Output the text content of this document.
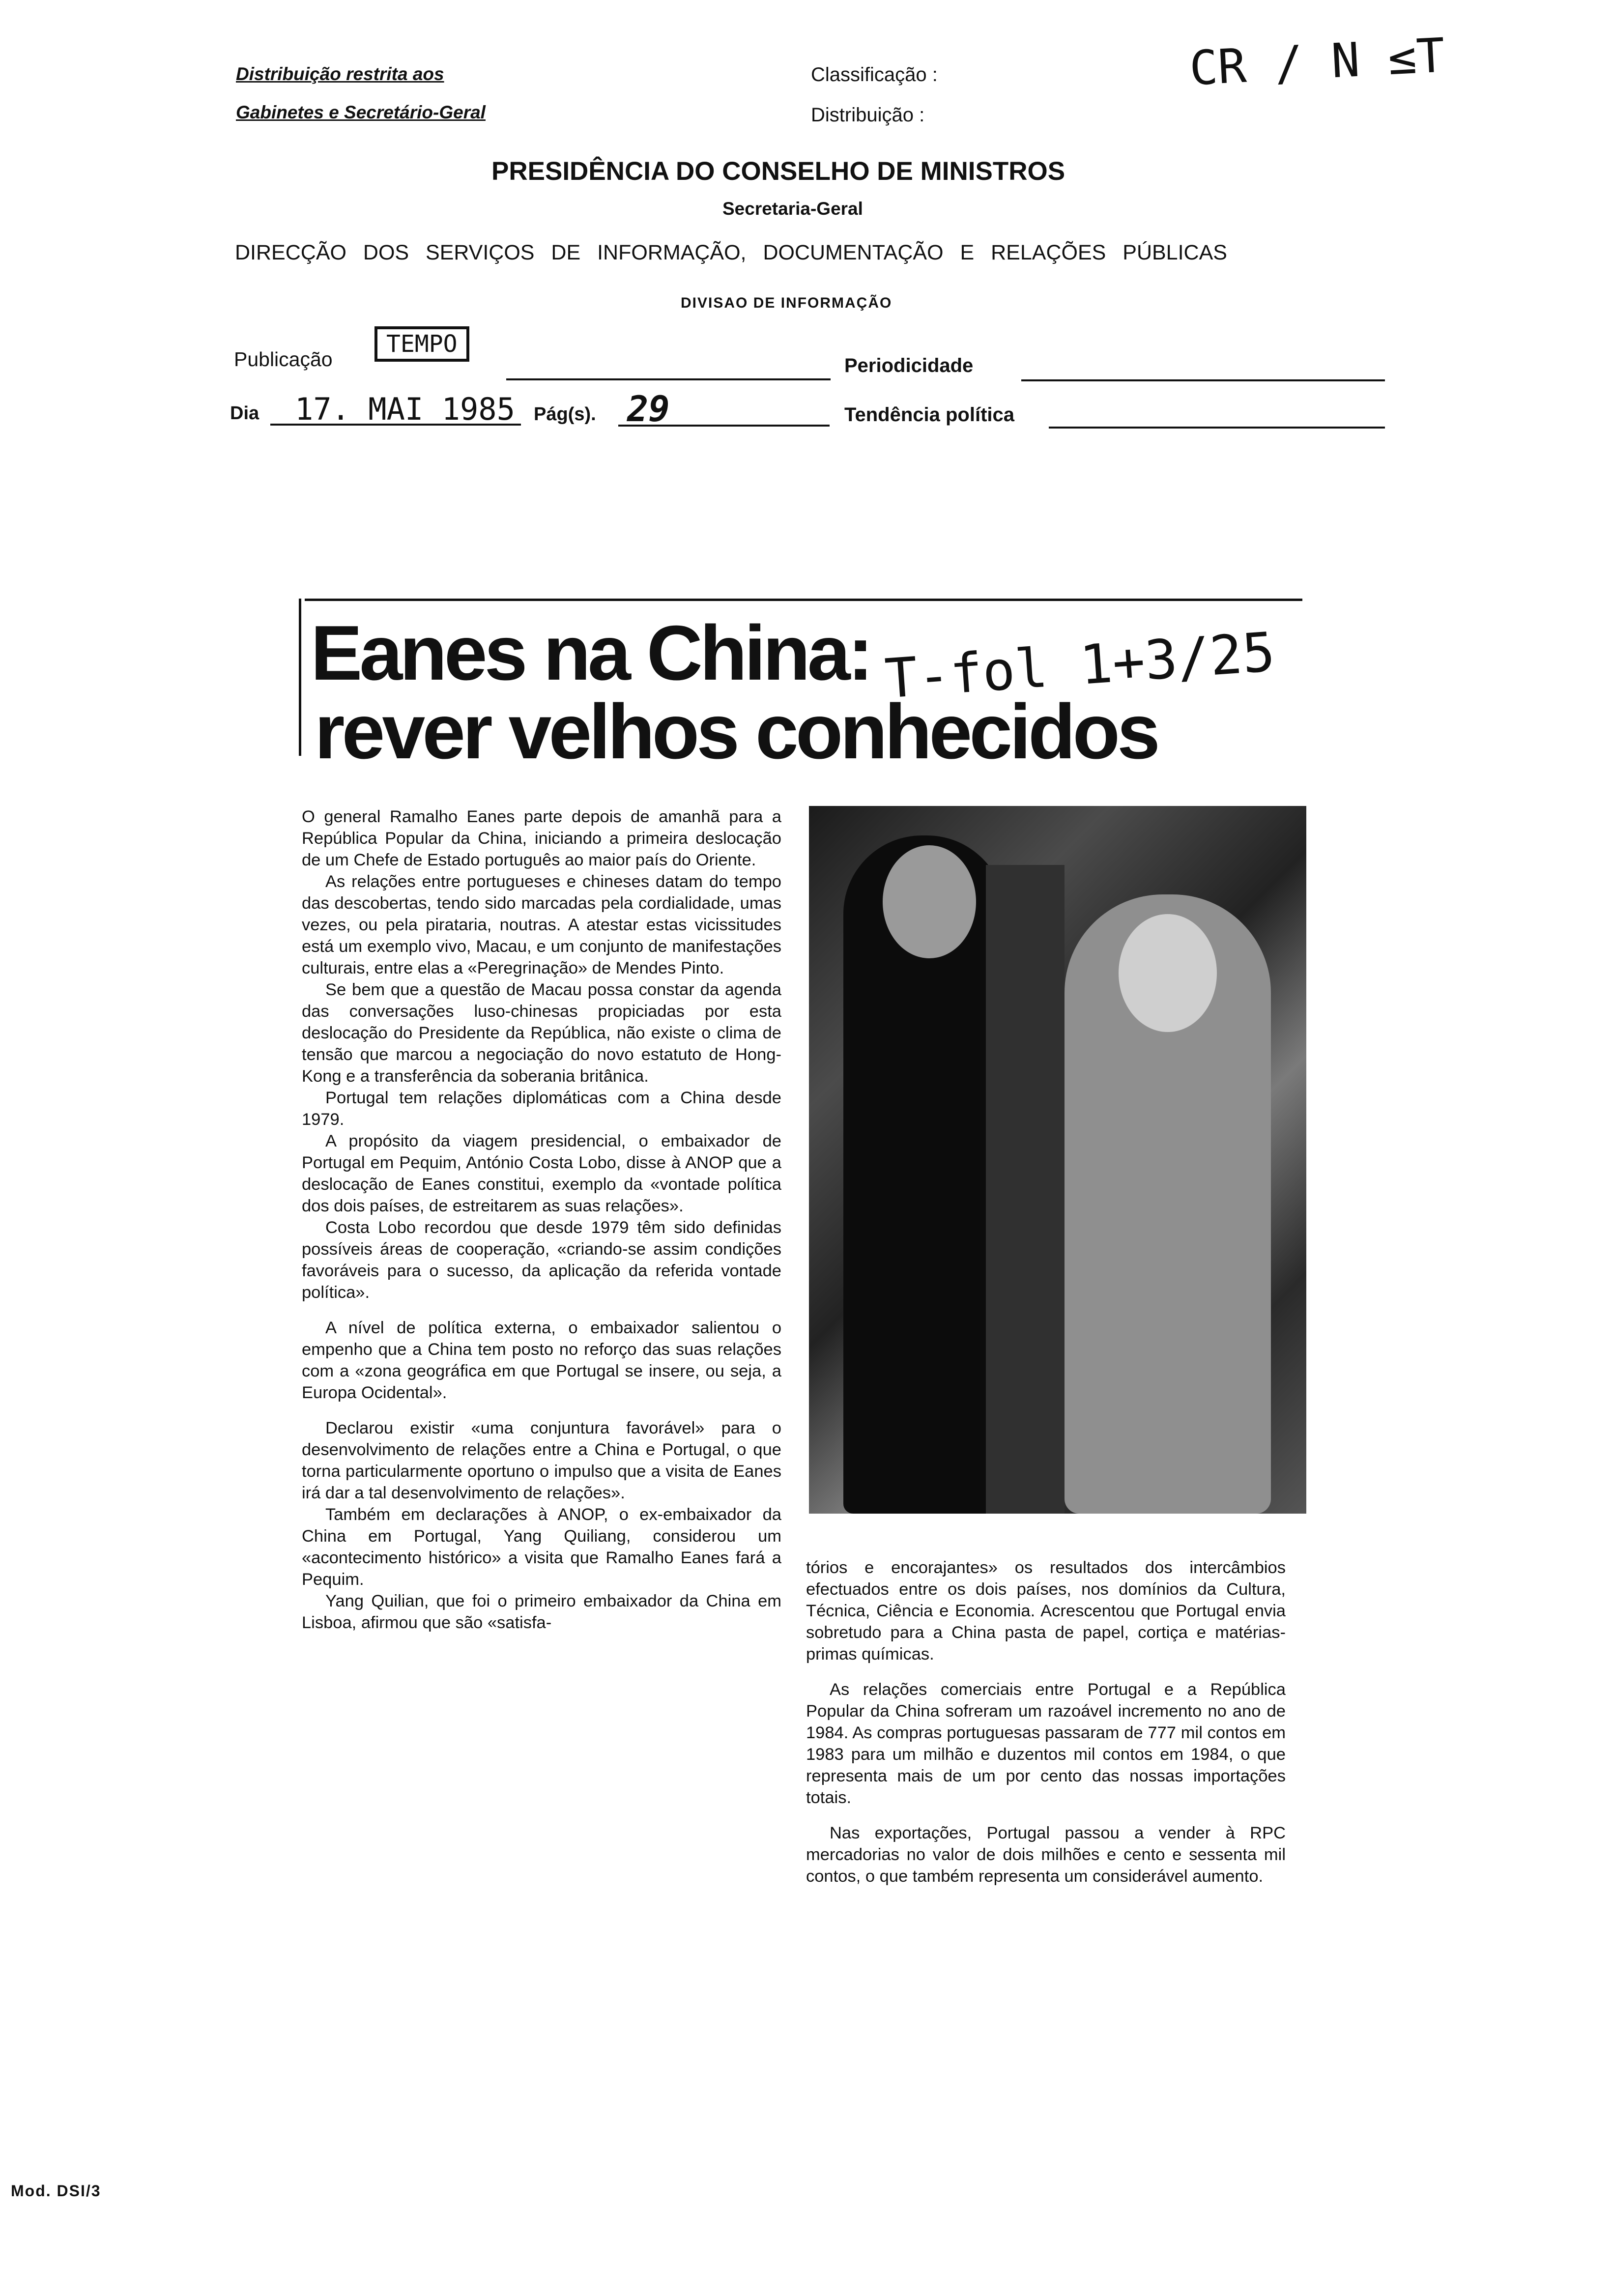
Distribuição restrita aos
Gabinetes e Secretário-Geral
Classificação :
Distribuição :
CR / N ≤T
PRESIDÊNCIA DO CONSELHO DE MINISTROS
Secretaria-Geral
DIRECÇÃO DOS SERVIÇOS DE INFORMAÇÃO, DOCUMENTAÇÃO E RELAÇÕES PÚBLICAS
DIVISAO DE INFORMAÇÃO
Publicação
TEMPO
Periodicidade
Dia 17. MAI 1985 Pág(s). 29	Tendência política
Eanes na China:
rever velhos conhecidos
T-fol 1+3/25

O general Ramalho Eanes parte depois de amanhã para a República Popular da China, iniciando a primeira deslocação de um Chefe de Estado português ao maior país do Oriente.

As relações entre portugueses e chineses datam do tempo das descobertas, tendo sido marcadas pela cordialidade, umas vezes, ou pela pirataria, noutras. A atestar estas vicissitudes está um exemplo vivo, Macau, e um conjunto de manifestações culturais, entre elas a «Peregrinação» de Mendes Pinto.

Se bem que a questão de Macau possa constar da agenda das conversações luso-chinesas propiciadas por esta deslocação do Presidente da República, não existe o clima de tensão que marcou a negociação do novo estatuto de Hong-Kong e a transferência da soberania britânica.

Portugal tem relações diplomáticas com a China desde 1979.

A propósito da viagem presidencial, o embaixador de Portugal em Pequim, António Costa Lobo, disse à ANOP que a deslocação de Eanes constitui, exemplo da «vontade política dos dois países, de estreitarem as suas relações».

Costa Lobo recordou que desde 1979 têm sido definidas possíveis áreas de cooperação, «criando-se assim condições favoráveis para o sucesso, da aplicação da referida vontade política».

A nível de política externa, o embaixador salientou o empenho que a China tem posto no reforço das suas relações com a «zona geográfica em que Portugal se insere, ou seja, a Europa Ocidental».

Declarou existir «uma conjuntura favorável» para o desenvolvimento de relações entre a China e Portugal, o que torna particularmente oportuno o impulso que a visita de Eanes irá dar a tal desenvolvimento de relações».

Também em declarações à ANOP, o ex-embaixador da China em Portugal, Yang Quiliang, considerou um «acontecimento histórico» a visita que Ramalho Eanes fará a Pequim.

Yang Quilian, que foi o primeiro embaixador da China em Lisboa, afirmou que são «satisfa-

tórios e encorajantes» os resultados dos intercâmbios efectuados entre os dois países, nos domínios da Cultura, Técnica, Ciência e Economia. Acrescentou que Portugal envia sobretudo para a China pasta de papel, cortiça e matérias-primas químicas.

As relações comerciais entre Portugal e a República Popular da China sofreram um razoável incremento no ano de 1984. As compras portuguesas passaram de 777 mil contos em 1983 para um milhão e duzentos mil contos em 1984, o que representa mais de um por cento das nossas importações totais.

Nas exportações, Portugal passou a vender à RPC mercadorias no valor de dois milhões e cento e sessenta mil contos, o que também representa um considerável aumento.

Mod. DSI/3
